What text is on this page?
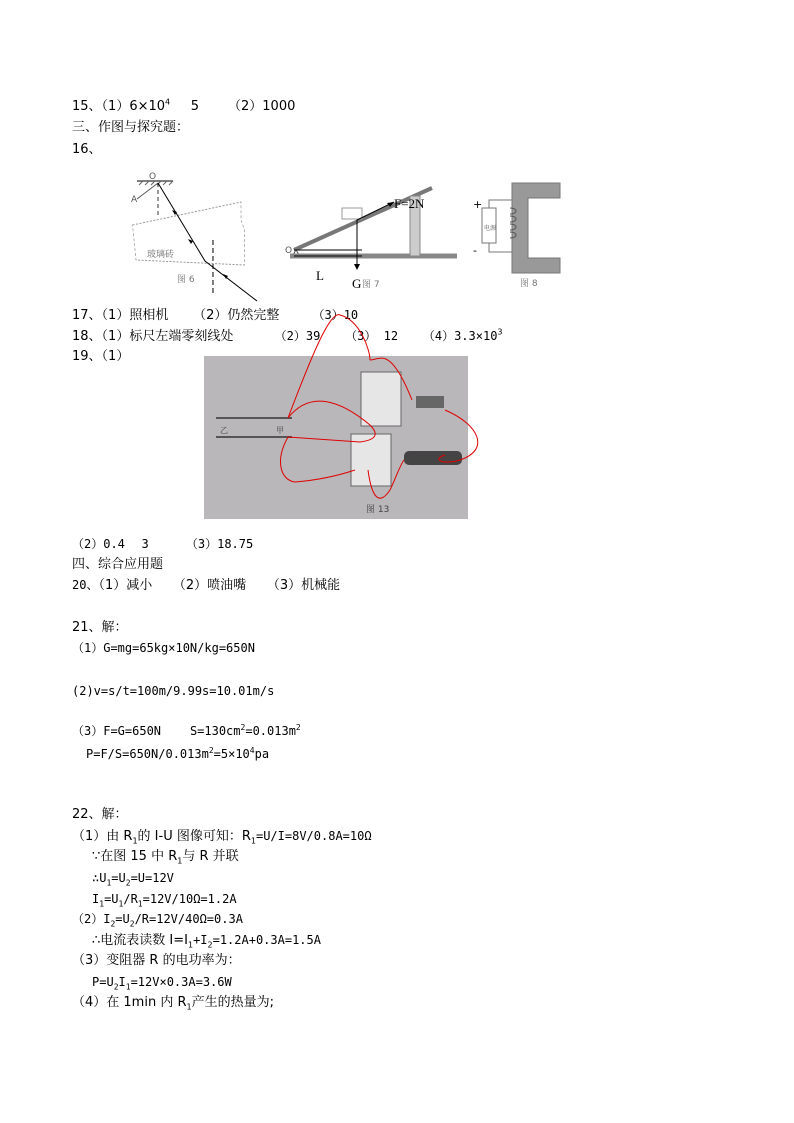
15、$(1)6\times 10^4$ 5 （2）1000
三、作图与探究题：
16、
O
A
玻璃砖
图 6
O
F=2N
L
G 图 7
+
-
电源
图 8
17、（1）照相机 （2）仍然完整	（3）10
18、（1）标尺左端零刻线处	（2）39 （3） 12 $(4)3.3\times 10^3$
19、（1）
乙	甲
图 13
（2）0.4 3	（3）18.75
四、综合应用题
20、（1）减小 （2）喷油嘴 （3）机械能
21、解：
（1）G=mg=65kg×10N/kg=650N
(2)v=s/t=100m/9.99s=10.01m/s
（3）F=G=650N $S=130cm^2=0.013m^2$
$P=F/S=650N/0.013m^2=5\times 10^4pa$
22、解：
（1）由 $R_1$的 I-U 图像可知：$R_1=U/I=8V/0.8A=10\Omega$
∵在图 15 中 $R_1$与 R 并联
$\therefore U_1=U_2=U=12V$
$I_1=U_1/R_1=12V/10\Omega=1.2A$
$(2)I_2=U_2/R=12V/40\Omega=0.3A$
∴电流表读数 $I=I_1+I_2=1.2A+0.3A=1.5A$
（3）变阻器 R 的电功率为：
$P=U_2I_1=12V\times 0.3A=3.6W$
（4）在 1min 内 $R_1$产生的热量为;
